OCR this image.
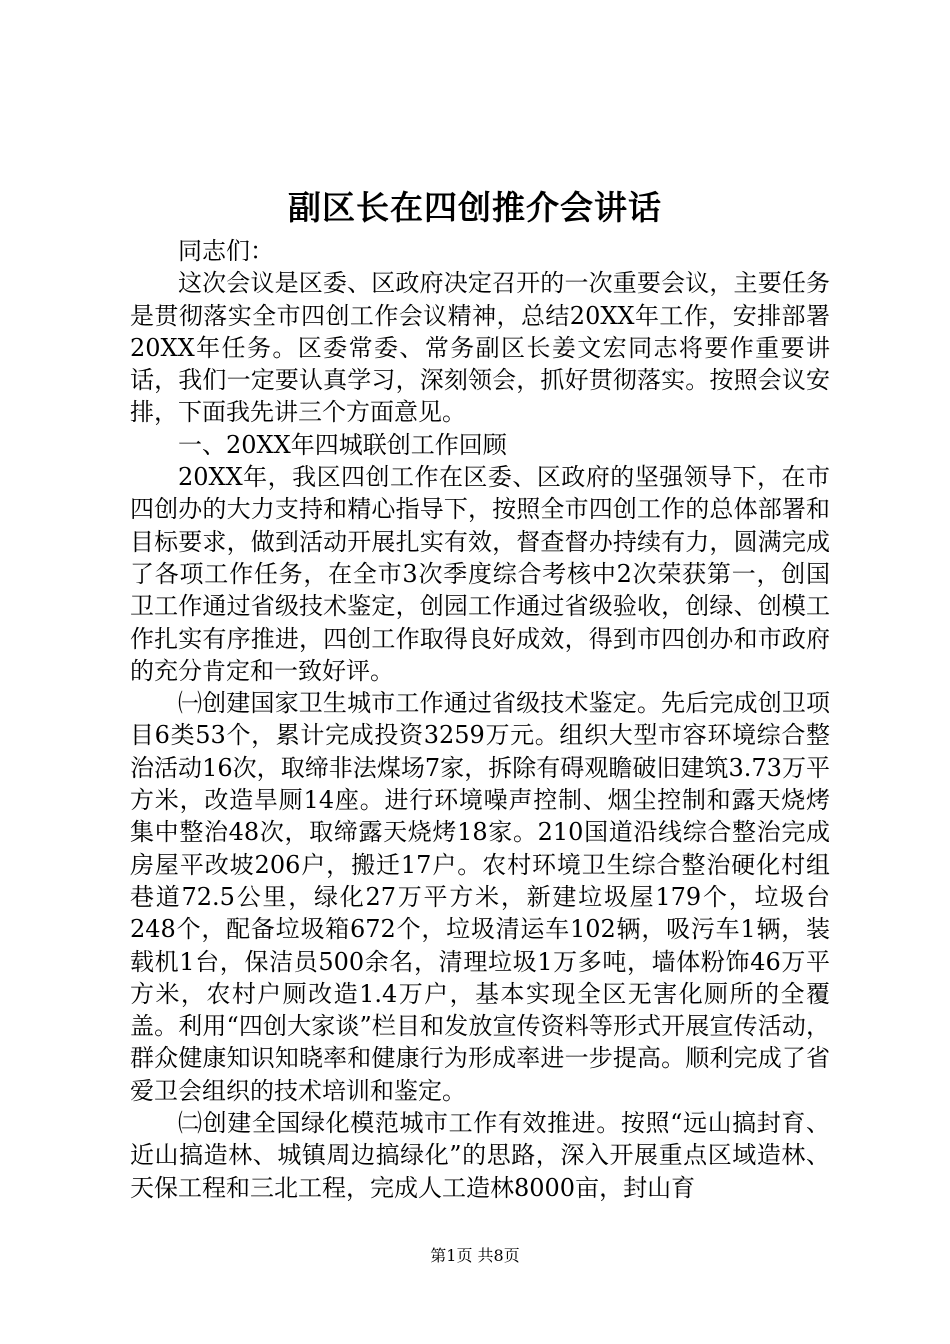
副区长在四创推介会讲话

同志们：

这次会议是区委、区政府决定召开的一次重要会议，主要任务是贯彻落实全市四创工作会议精神，总结20XX年工作，安排部署20XX年任务。区委常委、常务副区长姜文宏同志将要作重要讲话，我们一定要认真学习，深刻领会，抓好贯彻落实。按照会议安排，下面我先讲三个方面意见。

一、20XX年四城联创工作回顾

20XX年，我区四创工作在区委、区政府的坚强领导下，在市四创办的大力支持和精心指导下，按照全市四创工作的总体部署和目标要求，做到活动开展扎实有效，督查督办持续有力，圆满完成了各项工作任务，在全市3次季度综合考核中2次荣获第一，创国卫工作通过省级技术鉴定，创园工作通过省级验收，创绿、创模工作扎实有序推进，四创工作取得良好成效，得到市四创办和市政府的充分肯定和一致好评。

㈠创建国家卫生城市工作通过省级技术鉴定。先后完成创卫项目6类53个，累计完成投资3259万元。组织大型市容环境综合整治活动16次，取缔非法煤场7家，拆除有碍观瞻破旧建筑3.73万平方米，改造旱厕14座。进行环境噪声控制、烟尘控制和露天烧烤集中整治48次，取缔露天烧烤18家。210国道沿线综合整治完成房屋平改坡206户，搬迁17户。农村环境卫生综合整治硬化村组巷道72.5公里，绿化27万平方米，新建垃圾屋179个，垃圾台248个，配备垃圾箱672个，垃圾清运车102辆，吸污车1辆，装载机1台，保洁员500余名，清理垃圾1万多吨，墙体粉饰46万平方米，农村户厕改造1.4万户，基本实现全区无害化厕所的全覆盖。利用“四创大家谈”栏目和发放宣传资料等形式开展宣传活动，群众健康知识知晓率和健康行为形成率进一步提高。顺利完成了省爱卫会组织的技术培训和鉴定。

㈡创建全国绿化模范城市工作有效推进。按照“远山搞封育、近山搞造林、城镇周边搞绿化”的思路，深入开展重点区域造林、天保工程和三北工程，完成人工造林8000亩，封山育

第1页 共8页
